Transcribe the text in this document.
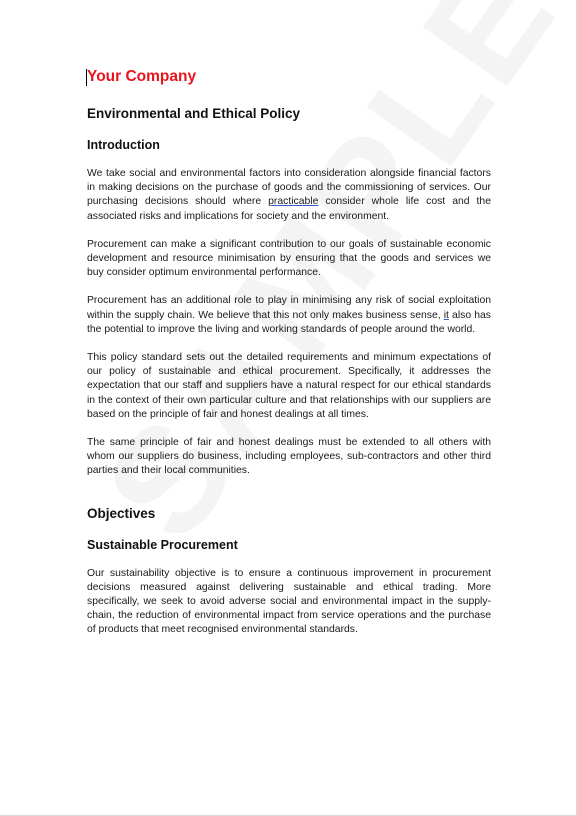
Your Company
Environmental and Ethical Policy
Introduction

We take social and environmental factors into consideration alongside financial factors in making decisions on the purchase of goods and the commissioning of services. Our purchasing decisions should where practicable consider whole life cost and the associated risks and implications for society and the environment.

Procurement can make a significant contribution to our goals of sustainable economic development and resource minimisation by ensuring that the goods and services we buy consider optimum environmental performance.

Procurement has an additional role to play in minimising any risk of social exploitation within the supply chain. We believe that this not only makes business sense, it also has the potential to improve the living and working standards of people around the world.

This policy standard sets out the detailed requirements and minimum expectations of our policy of sustainable and ethical procurement. Specifically, it addresses the expectation that our staff and suppliers have a natural respect for our ethical standards in the context of their own particular culture and that relationships with our suppliers are based on the principle of fair and honest dealings at all times.

The same principle of fair and honest dealings must be extended to all others with whom our suppliers do business, including employees, sub-contractors and other third parties and their local communities.

Objectives
Sustainable Procurement

Our sustainability objective is to ensure a continuous improvement in procurement decisions measured against delivering sustainable and ethical trading. More specifically, we seek to avoid adverse social and environmental impact in the supply-chain, the reduction of environmental impact from service operations and the purchase of products that meet recognised environmental standards.
